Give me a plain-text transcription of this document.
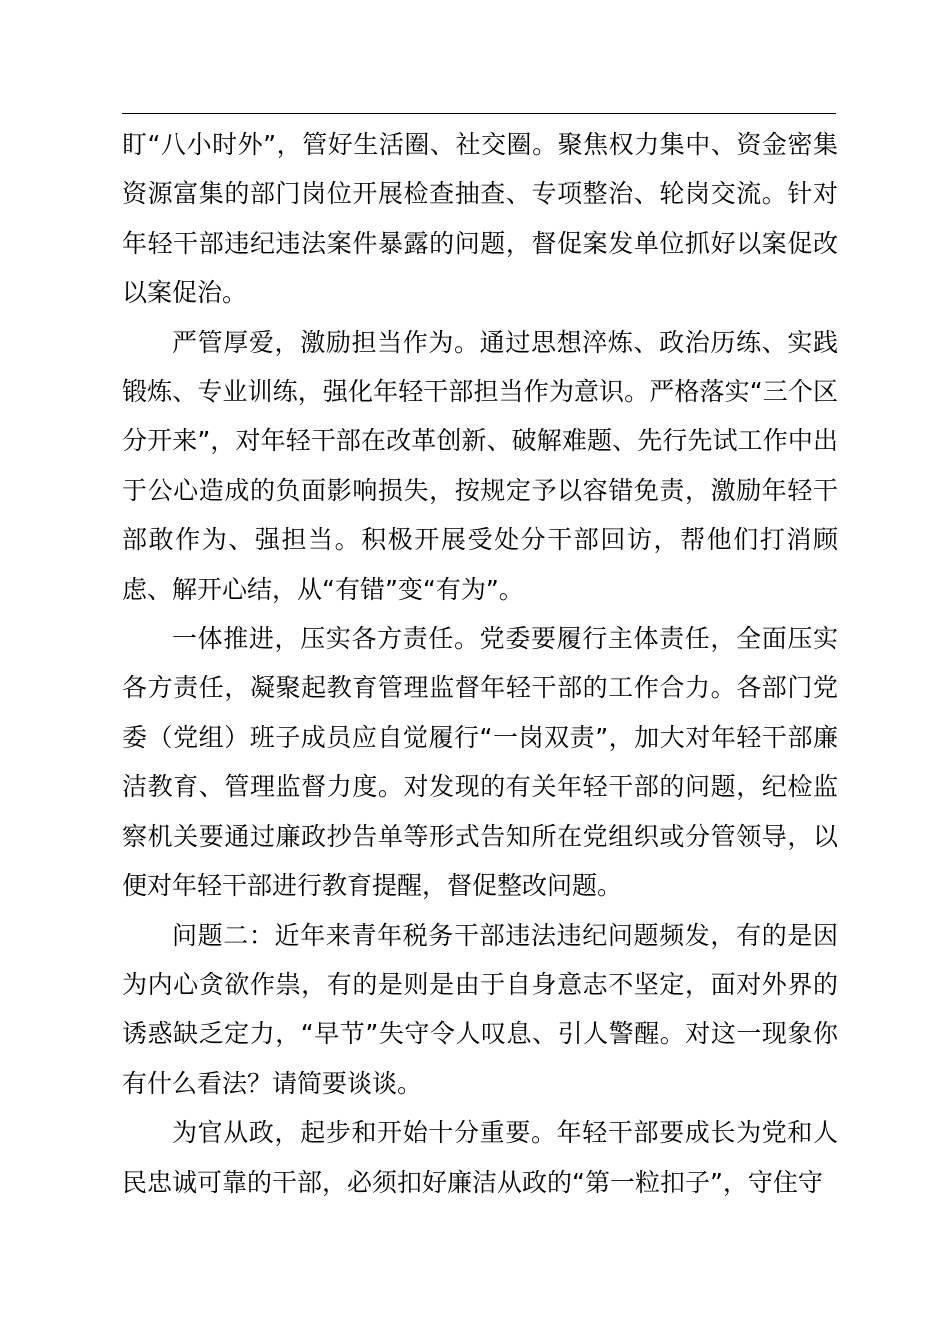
盯“八小时外”，管好生活圈、社交圈。聚焦权力集中、资金密集资源富集的部门岗位开展检查抽查、专项整治、轮岗交流。针对年轻干部违纪违法案件暴露的问题，督促案发单位抓好以案促改以案促治。

严管厚爱，激励担当作为。通过思想淬炼、政治历练、实践锻炼、专业训练，强化年轻干部担当作为意识。严格落实“三个区分开来”，对年轻干部在改革创新、破解难题、先行先试工作中出于公心造成的负面影响损失，按规定予以容错免责，激励年轻干部敢作为、强担当。积极开展受处分干部回访，帮他们打消顾虑、解开心结，从“有错”变“有为”。

一体推进，压实各方责任。党委要履行主体责任，全面压实各方责任，凝聚起教育管理监督年轻干部的工作合力。各部门党委（党组）班子成员应自觉履行“一岗双责”，加大对年轻干部廉洁教育、管理监督力度。对发现的有关年轻干部的问题，纪检监察机关要通过廉政抄告单等形式告知所在党组织或分管领导，以便对年轻干部进行教育提醒，督促整改问题。

问题二：近年来青年税务干部违法违纪问题频发，有的是因为内心贪欲作祟，有的是则是由于自身意志不坚定，面对外界的诱惑缺乏定力，“早节”失守令人叹息、引人警醒。对这一现象你有什么看法？请简要谈谈。

为官从政，起步和开始十分重要。年轻干部要成长为党和人民忠诚可靠的干部，必须扣好廉洁从政的“第一粒扣子”，守住守
